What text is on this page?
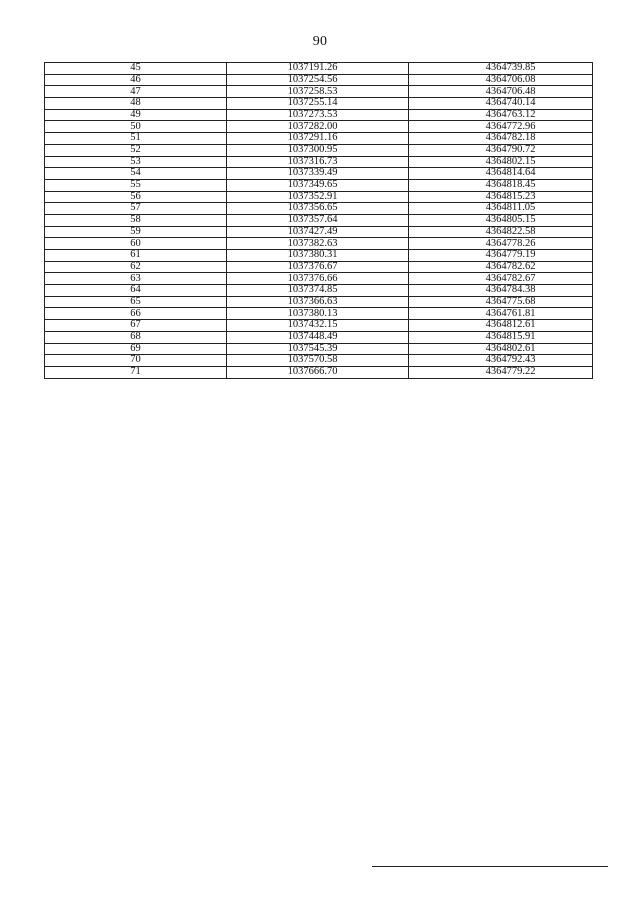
90
45	1037191.26	4364739.85
46	1037254.56	4364706.08
47	1037258.53	4364706.48
48	1037255.14	4364740.14
49	1037273.53	4364763.12
50	1037282.00	4364772.96
51	1037291.16	4364782.18
52	1037300.95	4364790.72
53	1037316.73	4364802.15
54	1037339.49	4364814.64
55	1037349.65	4364818.45
56	1037352.91	4364815.23
57	1037356.65	4364811.05
58	1037357.64	4364805.15
59	1037427.49	4364822.58
60	1037382.63	4364778.26
61	1037380.31	4364779.19
62	1037376.67	4364782.62
63	1037376.66	4364782.67
64	1037374.85	4364784.38
65	1037366.63	4364775.68
66	1037380.13	4364761.81
67	1037432.15	4364812.61
68	1037448.49	4364815.91
69	1037545.39	4364802.61
70	1037570.58	4364792.43
71	1037666.70	4364779.22
